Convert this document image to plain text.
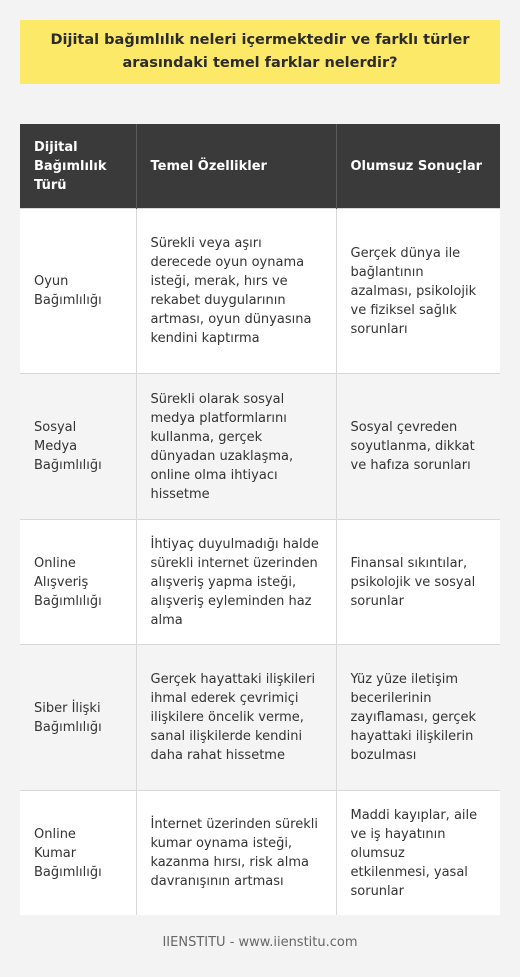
Dijital bağımlılık neleri içermektedir ve farklı türler arasındaki temel farklar nelerdir?
Dijital Bağımlılık Türü	Temel Özellikler	Olumsuz Sonuçlar
Oyun Bağımlılığı	Sürekli veya aşırı derecede oyun oynama isteği, merak, hırs ve rekabet duygularının artması, oyun dünyasına kendini kaptırma	Gerçek dünya ile bağlantının azalması, psikolojik ve fiziksel sağlık sorunları
Sosyal Medya Bağımlılığı	Sürekli olarak sosyal medya platformlarını kullanma, gerçek dünyadan uzaklaşma, online olma ihtiyacı hissetme	Sosyal çevreden soyutlanma, dikkat ve hafıza sorunları
Online Alışveriş Bağımlılığı	İhtiyaç duyulmadığı halde sürekli internet üzerinden alışveriş yapma isteği, alışveriş eyleminden haz alma	Finansal sıkıntılar, psikolojik ve sosyal sorunlar
Siber İlişki Bağımlılığı	Gerçek hayattaki ilişkileri ihmal ederek çevrimiçi ilişkilere öncelik verme, sanal ilişkilerde kendini daha rahat hissetme	Yüz yüze iletişim becerilerinin zayıflaması, gerçek hayattaki ilişkilerin bozulması
Online Kumar Bağımlılığı	İnternet üzerinden sürekli kumar oynama isteği, kazanma hırsı, risk alma davranışının artması	Maddi kayıplar, aile ve iş hayatının olumsuz etkilenmesi, yasal sorunlar
IIENSTITU - www.iienstitu.com
